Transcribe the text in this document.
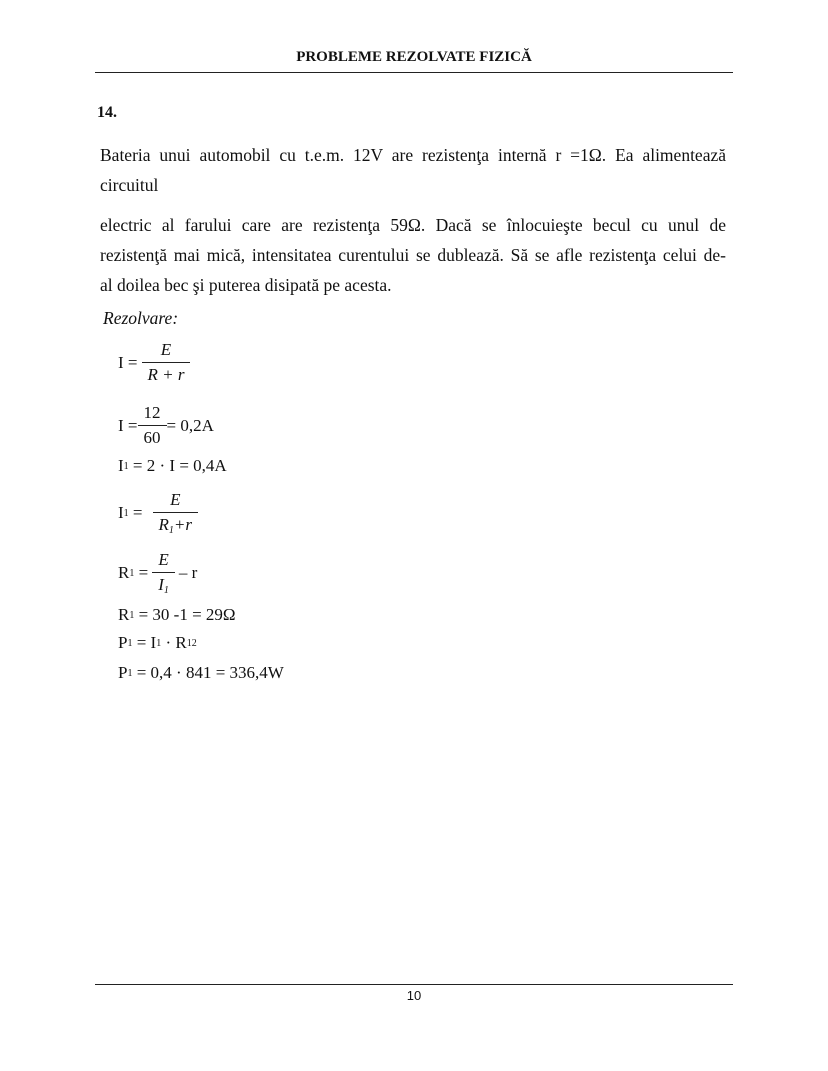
PROBLEME REZOLVATE FIZICĂ
14.
Bateria unui automobil cu t.e.m. 12V are rezistenţa internă r =1Ω. Ea alimentează
circuitul
electric al farului care are rezistenţa 59Ω. Dacă se înlocuieşte becul cu unul de
rezistenţă mai mică, intensitatea curentului se dublează. Să se afle rezistenţa celui de-
al doilea bec şi puterea disipată pe acesta.
Rezolvare:
$I = \frac{E}{R + r}$
$I = \frac{12}{60} = 0,2A$
I 1 = 2 · I = 0,4A
I $1 = \frac{E}{R_1+r}$
R $1 = \frac{E}{I_1} - r$
R 1 = 30 -1 = 29Ω
P 1 = I 1 · R 1 2
P 1 = 0,4 · 841 = 336,4W
10
